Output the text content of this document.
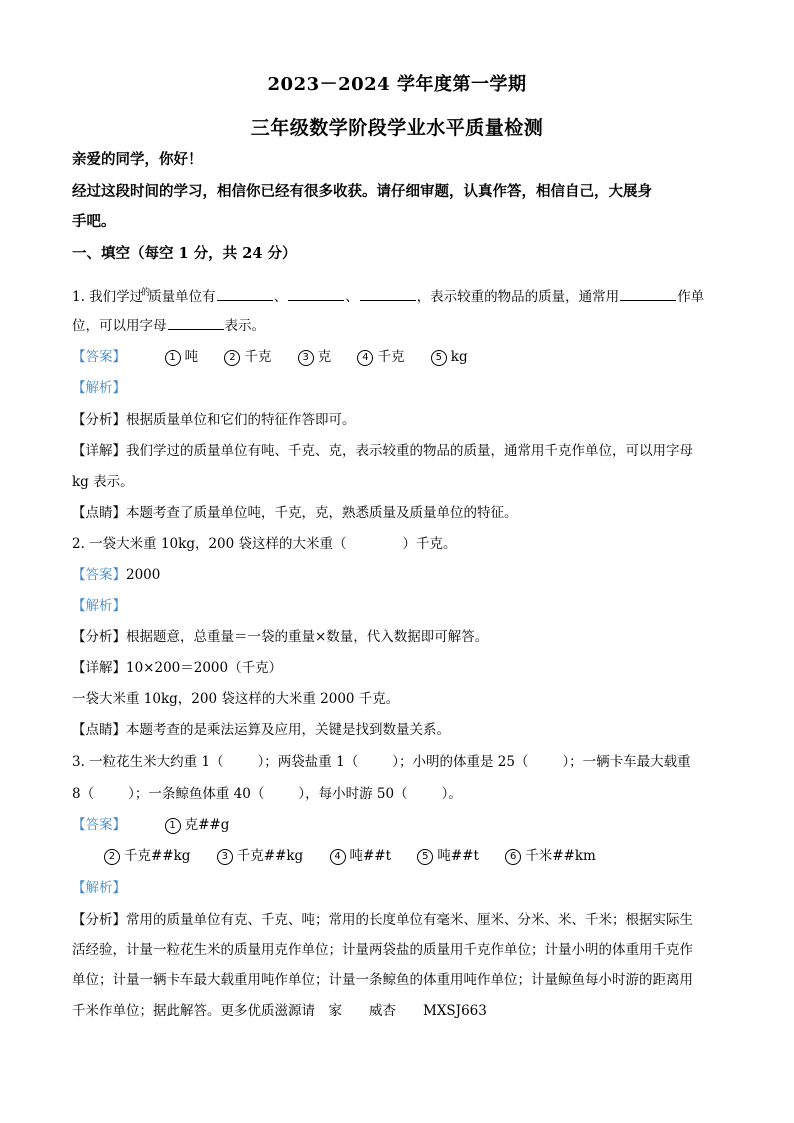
2023－2024 学年度第一学期
三年级数学阶段学业水平质量检测
亲爱的同学，你好！
经过这段时间的学习，相信你已经有很多收获。请仔细审题，认真作答，相信自己，大展身
手吧。
一、填空（每空 1 分，共 24 分）
1. 我们学过$^的$质量单位有	、	、	，表示较重的物品的质量，通常用	作单
位，可以用字母	表示。
【答案】	1 吨	2 千克	3 克	4 千克	5 kg
【解析】
【分析】根据质量单位和它们的特征作答即可。
【详解】我们学过的质量单位有吨、千克、克，表示较重的物品的质量，通常用千克作单位，可以用字母
kg 表示。
【点睛】本题考查了质量单位吨，千克，克，熟悉质量及质量单位的特征。
2. 一袋大米重 10kg，200 袋这样的大米重（	）千克。
【答案】2000
【解析】
【分析】根据题意，总重量＝一袋的重量×数量，代入数据即可解答。
【详解】10×200＝2000（千克）
一袋大米重 10kg，200 袋这样的大米重 2000 千克。
【点睛】本题考查的是乘法运算及应用，关键是找到数量关系。
3. 一粒花生米大约重 1（	）；两袋盐重 1（	）；小明的体重是 25（	）；一辆卡车最大载重
8（	）；一条鲸鱼体重 40（	），每小时游 50（	）。
【答案】	1 克##g
2 千克##kg	3 千克##kg	4 吨##t	5 吨##t	6 千米##km
【解析】
【分析】常用的质量单位有克、千克、吨；常用的长度单位有毫米、厘米、分米、米、千米；根据实际生
活经验，计量一粒花生米的质量用克作单位；计量两袋盐的质量用千克作单位；计量小明的体重用千克作
单位；计量一辆卡车最大载重用吨作单位；计量一条鲸鱼的体重用吨作单位；计量鲸鱼每小时游的距离用
千米作单位；据此解答。更多优质滋源请　家　　威杏　　MXSJ663
